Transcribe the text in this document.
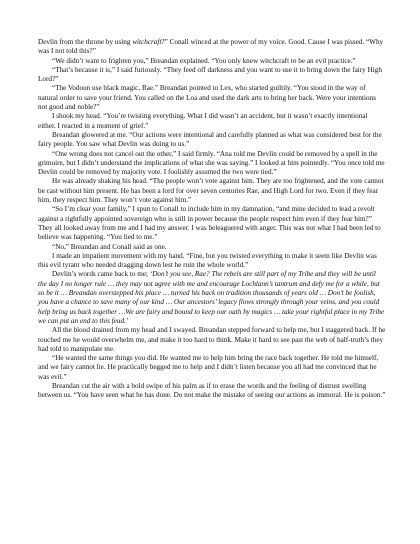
Devlin from the throne by using witchcraft?” Conall winced at the power of my voice. Good. Cause I was pissed. “Why was I not told this?”

“We didn’t want to frighten you,” Breandan explained. “You only knew witchcraft to be an evil practice.”

“That’s because it is,” I said furiously. “They feed off darkness and you want to use it to bring down the fairy High Lord?”

“The Vodoun use black magic, Rae.” Breandan pointed to Lex, who started guiltily. “You stood in the way of natural order to save your friend. You called on the Loa and used the dark arts to bring her back. Were your intentions not good and noble?”

I shook my head. “You’re twisting everything. What I did wasn’t an accident, but it wasn’t exactly intentional either. I reacted in a moment of grief.”

Breandan glowered at me. “Our actions were intentional and carefully planned as what was considered best for the fairy people. You saw what Devlin was doing to us.”

“One wrong does not cancel out the other,” I said firmly. “Ana told me Devlin could be removed by a spell in the grimoire, but I didn’t understand the implications of what she was saying.” I looked at him pointedly. “You once told me Devlin could be removed by majority vote. I foolishly assumed the two were tied.”

He was already shaking his head. “The people won’t vote against him. They are too frightened, and the vote cannot be cast without him present. He has been a lord for over seven centuries Rae, and High Lord for two. Even if they fear him, they respect him. They won’t vote against him.”

“So I’m clear your family,” I spun to Conall to include him in my damnation, “and mine decided to lead a revolt against a rightfully appointed sovereign who is still in power because the people respect him even if they fear him?” They all looked away from me and I had my answer. I was beleaguered with anger. This was not what I had been led to believe was happening. “You lied to me.”

“No,” Breandan and Conall said as one.

I made an impatient movement with my hand. “Fine, but you twisted everything to make it seem like Devlin was this evil tyrant who needed dragging down lest he ruin the whole world.”

Devlin’s words came back to me; ‘Don’t you see, Rae? The rebels are still part of my Tribe and they will be until the day I no longer rule … they may not agree with me and encourage Lochlann’s tantrum and defy me for a while, but so be it … Breandan overstepped his place … turned his back on tradition thousands of years old … Don’t be foolish, you have a chance to save many of our kind … Our ancestors’ legacy flows strongly through your veins, and you could help bring us back together …We are fairy and bound to keep our oath by magics … take your rightful place in my Tribe we can put an end to this feud.’

All the blood drained from my head and I swayed. Breandan stepped forward to help me, but I staggered back. If he touched me he would overwhelm me, and make it too hard to think. Make it hard to see past the web of half-truth’s they had told to manipulate me.

“He wanted the same things you did. He wanted me to help him bring the race back together. He told me himself, and we fairy cannot lie. He practically begged me to help and I didn’t listen because you all had me convinced that he was evil.”

Breandan cut the air with a bold swipe of his palm as if to erase the words and the feeling of distrust swelling between us. “You have seen what he has done. Do not make the mistake of seeing our actions as immoral. He is poison.”
